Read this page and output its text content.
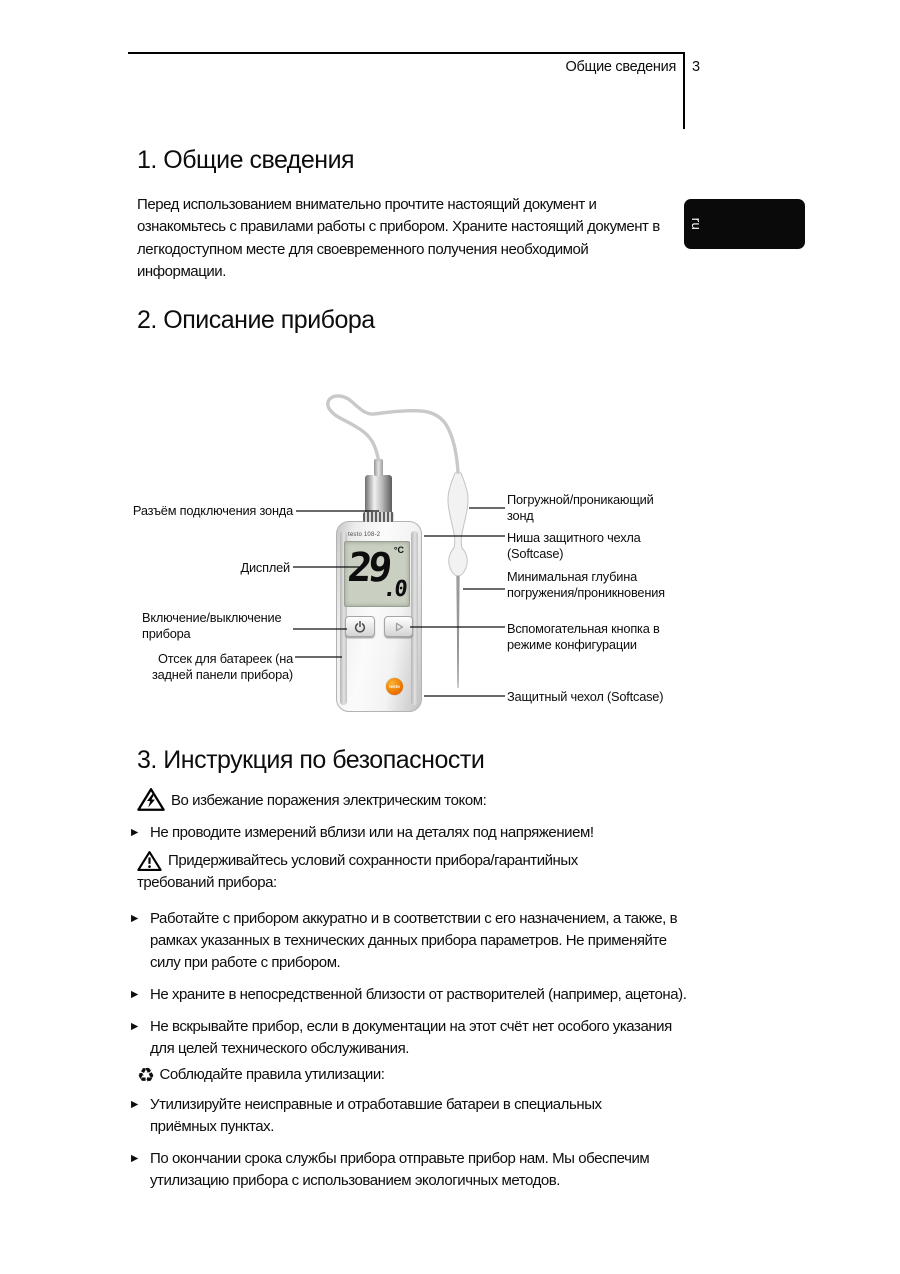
Общие сведения 3
ru
1. Общие сведения

Перед использованием внимательно прочтите настоящий документ и ознакомьтесь с правилами работы с прибором. Храните настоящий документ в легкодоступном месте для своевременного получения необходимой информации.

2. Описание прибора
testo 108-2
°C
29
.0
testo
Разъём подключения зонда
Дисплей
Включение/выключение прибора
Отсек для батареек (на задней панели прибора)
Погружной/проникающий зонд
Ниша защитного чехла (Softcase)
Минимальная глубина погружения/проникновения
Вспомогательная кнопка в режиме конфигурации
Защитный чехол (Softcase)
3. Инструкция по безопасности

Во избежание поражения электрическим током:

▶ Не проводите измерений вблизи или на деталях под напряжением!

Придерживайтесь условий сохранности прибора/гарантийных требований прибора:

▶ Работайте с прибором аккуратно и в соответствии с его назначением, а также, в рамках указанных в технических данных прибора параметров. Не применяйте силу при работе с прибором.
▶ Не храните в непосредственной близости от растворителей (например, ацетона).
▶ Не вскрывайте прибор, если в документации на этот счёт нет особого указания для целей технического обслуживания.

♻ Соблюдайте правила утилизации:

▶ Утилизируйте неисправные и отработавшие батареи в специальных приёмных пунктах.
▶ По окончании срока службы прибора отправьте прибор нам. Мы обеспечим утилизацию прибора с использованием экологичных методов.
